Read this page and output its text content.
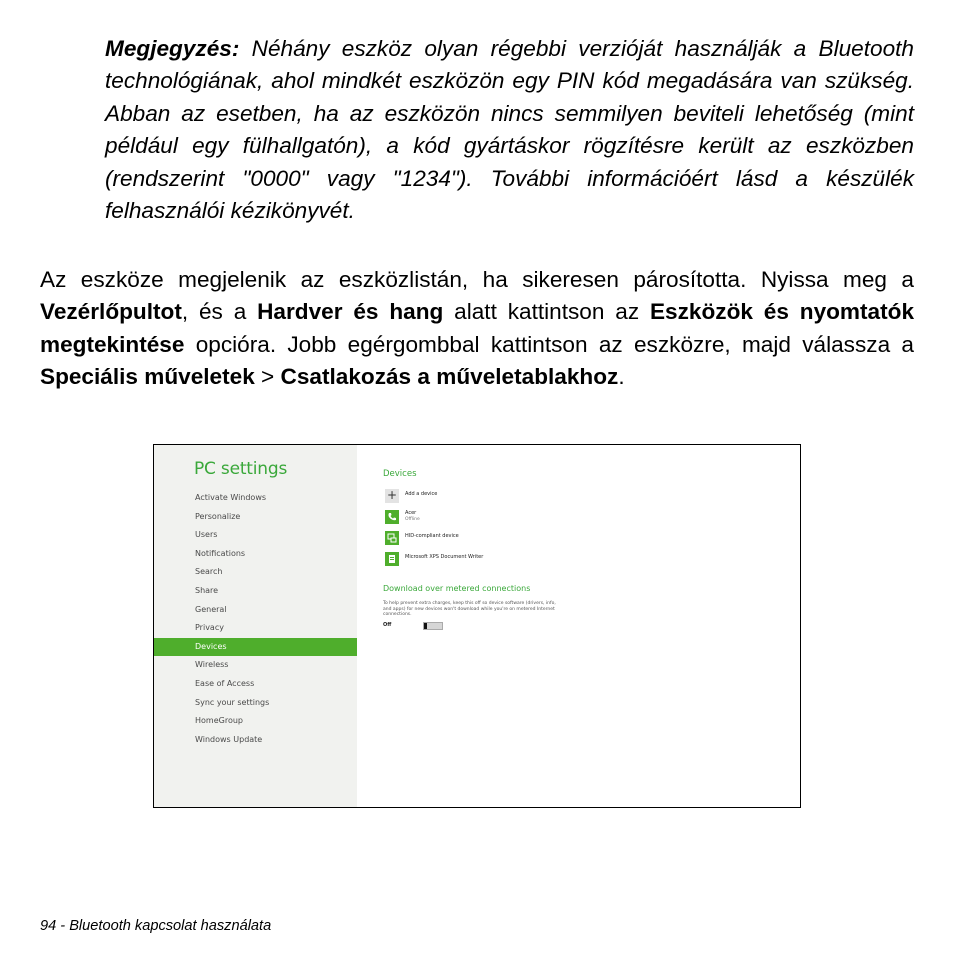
Megjegyzés: Néhány eszköz olyan régebbi verzióját használják a Bluetooth technológiának, ahol mindkét eszközön egy PIN kód megadására van szükség. Abban az esetben, ha az eszközön nincs semmilyen beviteli lehetőség (mint például egy fülhallgatón), a kód gyártáskor rögzítésre került az eszközben (rendszerint "0000" vagy "1234"). További információért lásd a készülék felhasználói kézikönyvét.
Az eszköze megjelenik az eszközlistán, ha sikeresen párosította. Nyissa meg a Vezérlőpultot, és a Hardver és hang alatt kattintson az Eszközök és nyomtatók megtekintése opcióra. Jobb egérgombbal kattintson az eszközre, majd válassza a Speciális műveletek > Csatlakozás a műveletablakhoz.
PC settings
Activate Windows
Personalize
Users
Notifications
Search
Share
General
Privacy
Devices
Wireless
Ease of Access
Sync your settings
HomeGroup
Windows Update
Devices
+	Add a device
Acer
Offline
HID-compliant device
Microsoft XPS Document Writer
Download over metered connections
To help prevent extra charges, keep this off so device software (drivers, info, and apps) for new devices won't download while you're on metered Internet connections.
Off
94 - Bluetooth kapcsolat használata
